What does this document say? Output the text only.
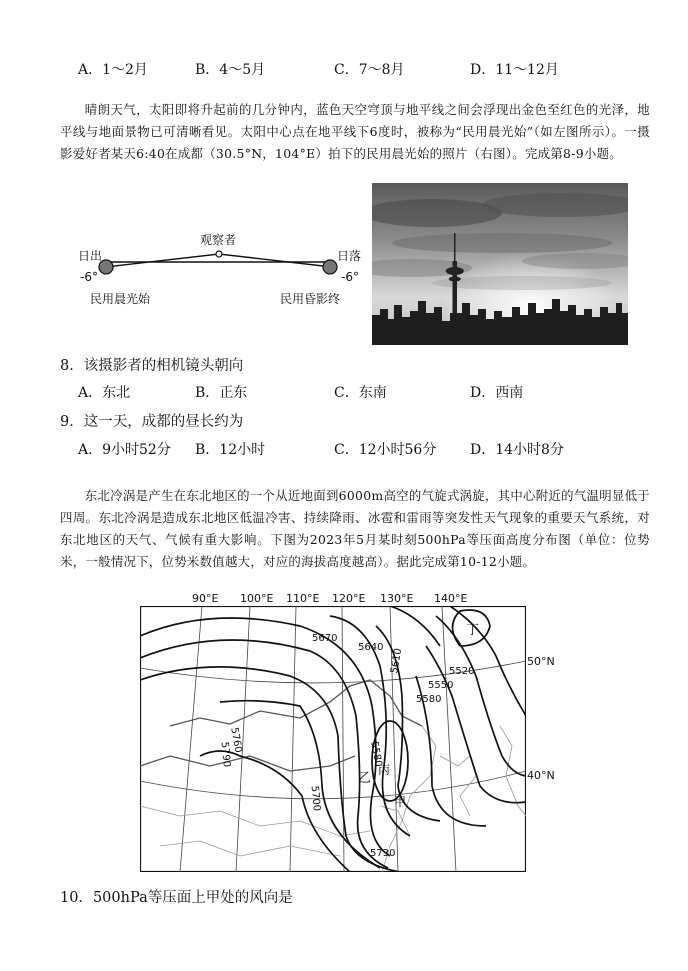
A．1～2月	B．4～5月	C．7～8月	D．11～12月

晴朗天气，太阳即将升起前的几分钟内，蓝色天空穹顶与地平线之间会浮现出金色至红色的光泽，地平线与地面景物已可清晰看见。太阳中心点在地平线下6度时，被称为“民用晨光始”（如左图所示）。一摄影爱好者某天6:40在成都（30.5°N，104°E）拍下的民用晨光始的照片（右图）。完成第8-9小题。

观察者
日出	日落
-6°	-6°
民用晨光始	民用昏影终
8．该摄影者的相机镜头朝向
A．东北	B．正东	C．东南	D．西南
9．这一天，成都的昼长约为
A．9小时52分 B．12小时	C．12小时56分 D．14小时8分

东北冷涡是产生在东北地区的一个从近地面到6000m高空的气旋式涡旋，其中心附近的气温明显低于四周。东北冷涡是造成东北地区低温冷害、持续降雨、冰雹和雷雨等突发性天气现象的重要天气系统，对东北地区的天气、气候有重大影响。下图为2023年5月某时刻500hPa等压面高度分布图（单位：位势米，一般情况下，位势米数值越大，对应的海拔高度越高）。据此完成第10-12小题。

90°E 100°E 110°E 120°E 130°E 140°E
50°N
40°N
5670
5640 5610	5520
5550
5580
5760
5790	5580
5700
5730
丁
乙
丙
甲
10．500hPa等压面上甲处的风向是
